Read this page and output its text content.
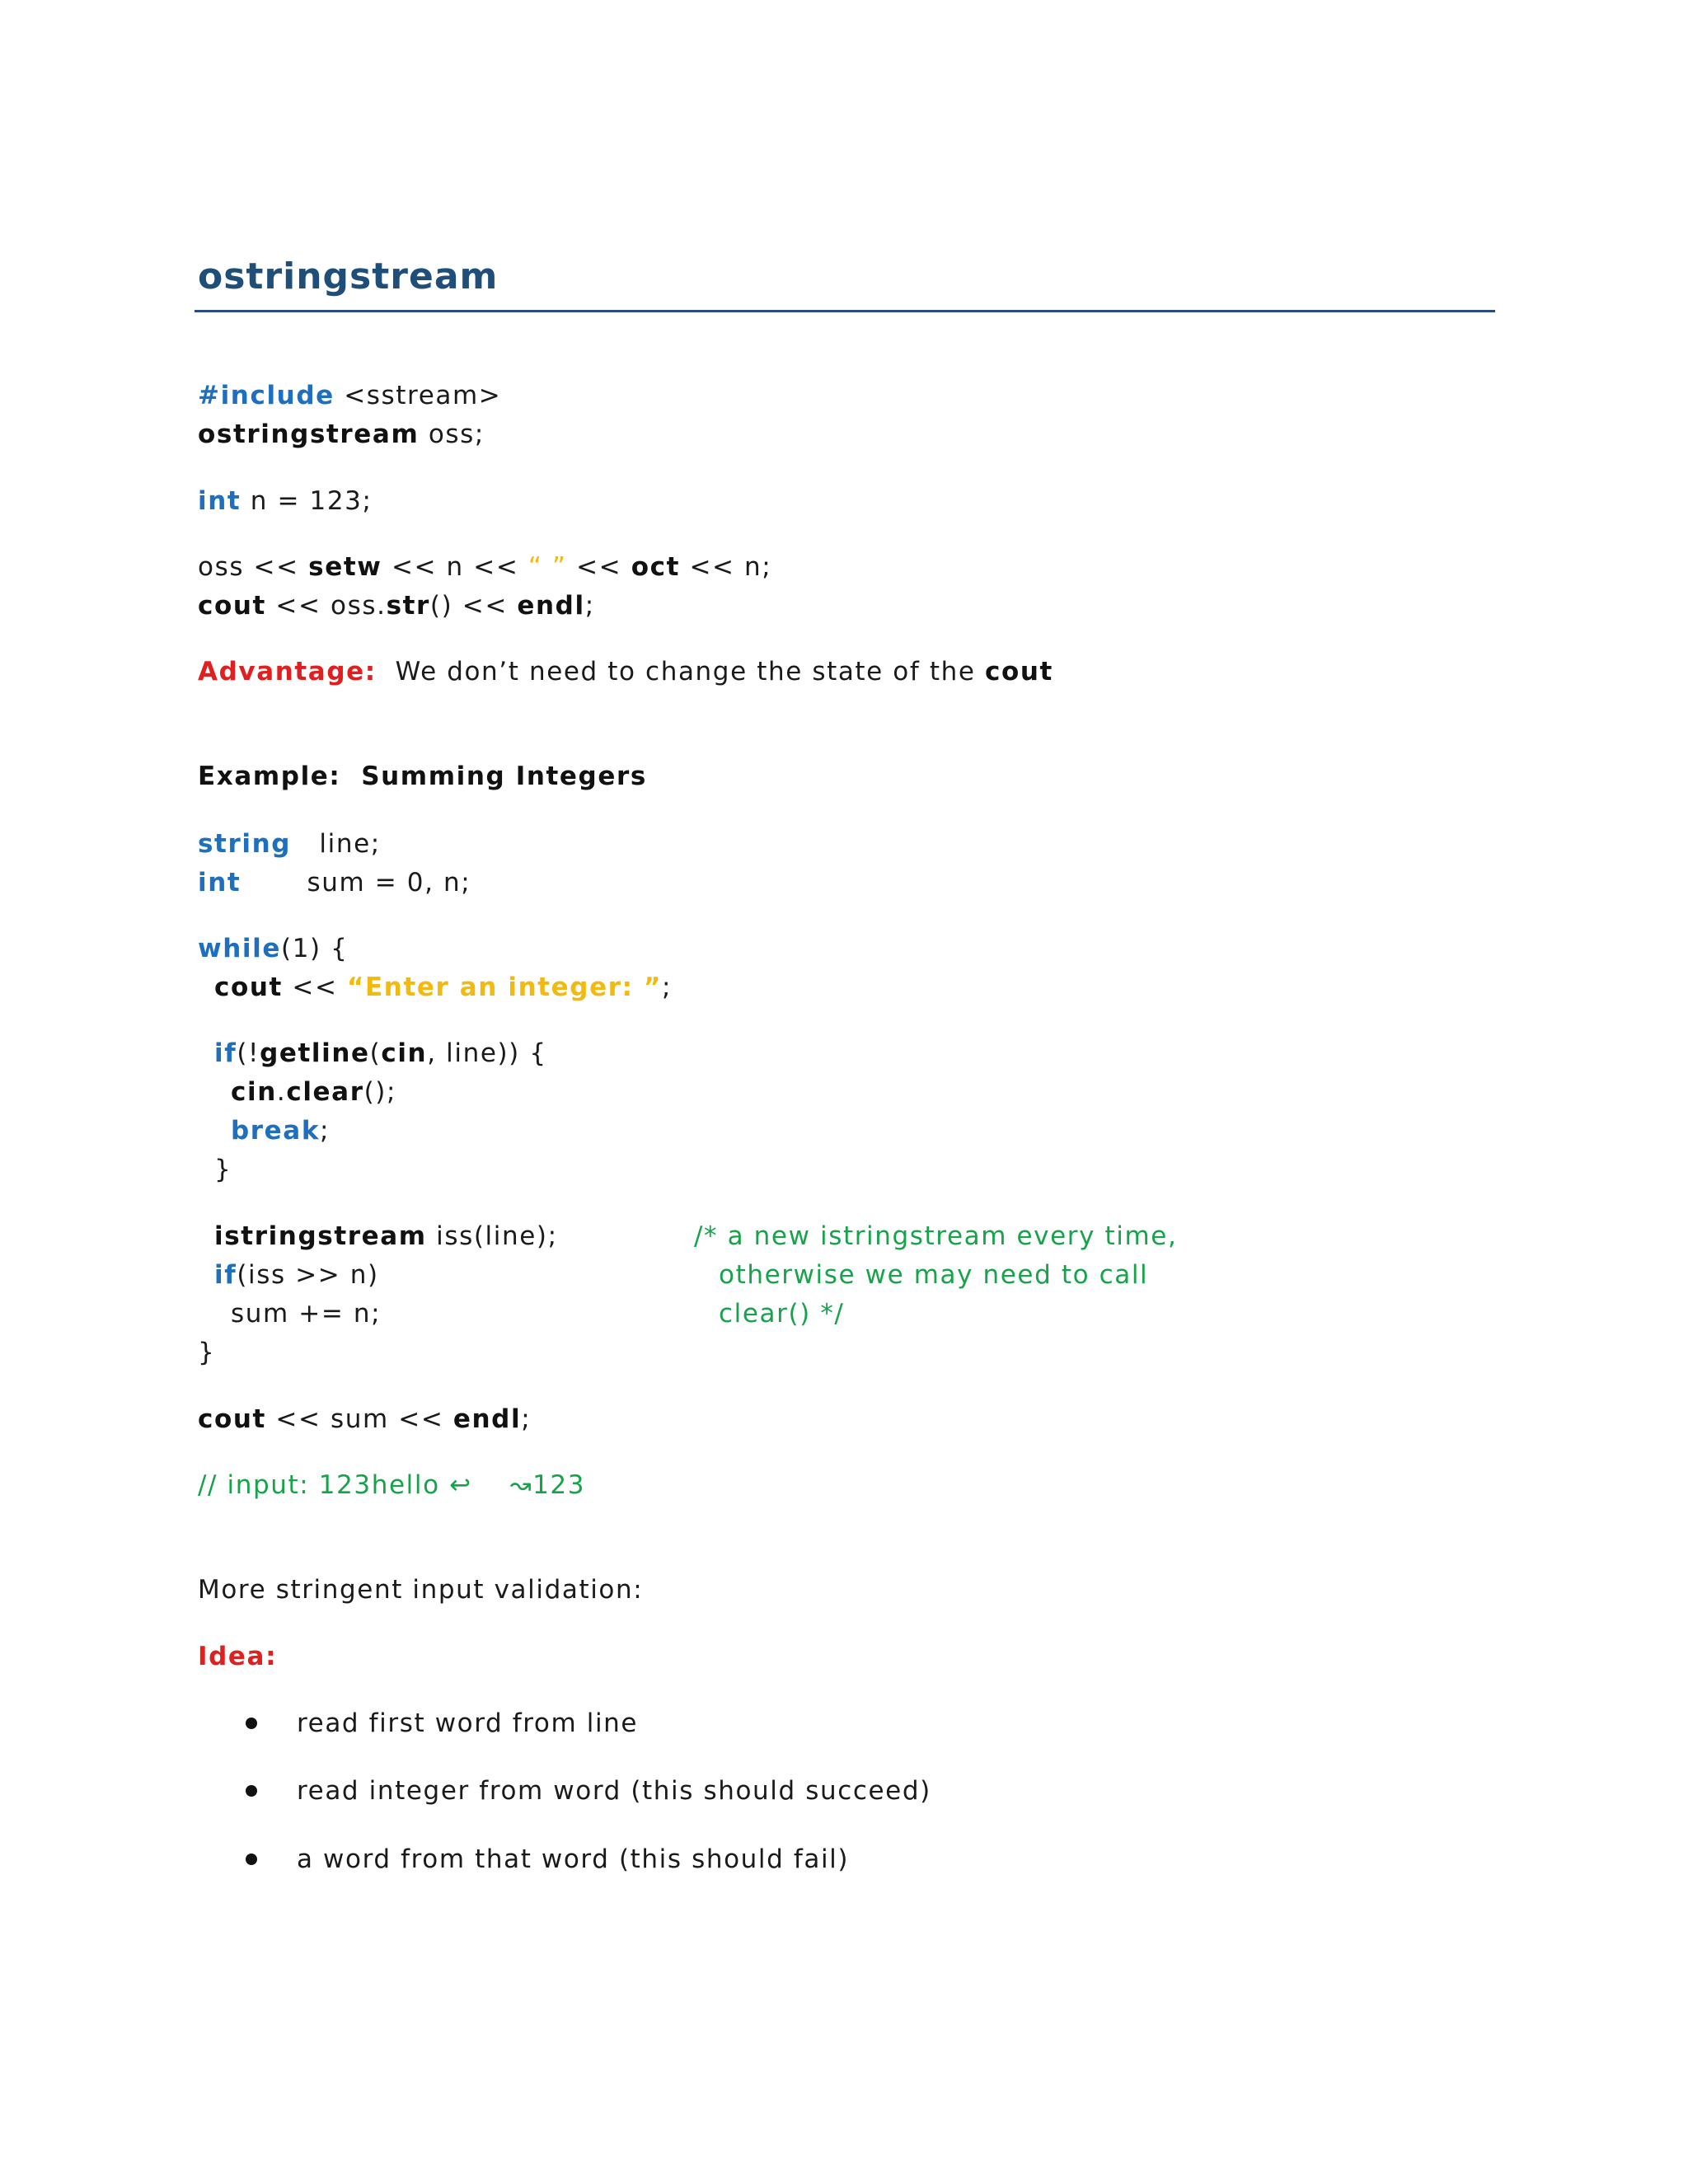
ostringstream
#include <sstream>
ostringstream oss;
int n = 123;
oss << setw << n << “ ” << oct << n;
cout << oss.str() << endl;
Advantage:  We don’t need to change the state of the cout
Example:  Summing Integers
string   line;
int       sum = 0, n;
while(1) {
cout << “Enter an integer: ”;
if(!getline(cin, line)) {
cin.clear();
break;
}
istringstream iss(line);
if(iss >> n)
sum += n;
}
/* a new istringstream every time,
otherwise we may need to call
clear() */
cout << sum << endl;
// input: 123hello ↩    ↝123
More stringent input validation:
Idea:
read first word from line
read integer from word (this should succeed)
a word from that word (this should fail)
